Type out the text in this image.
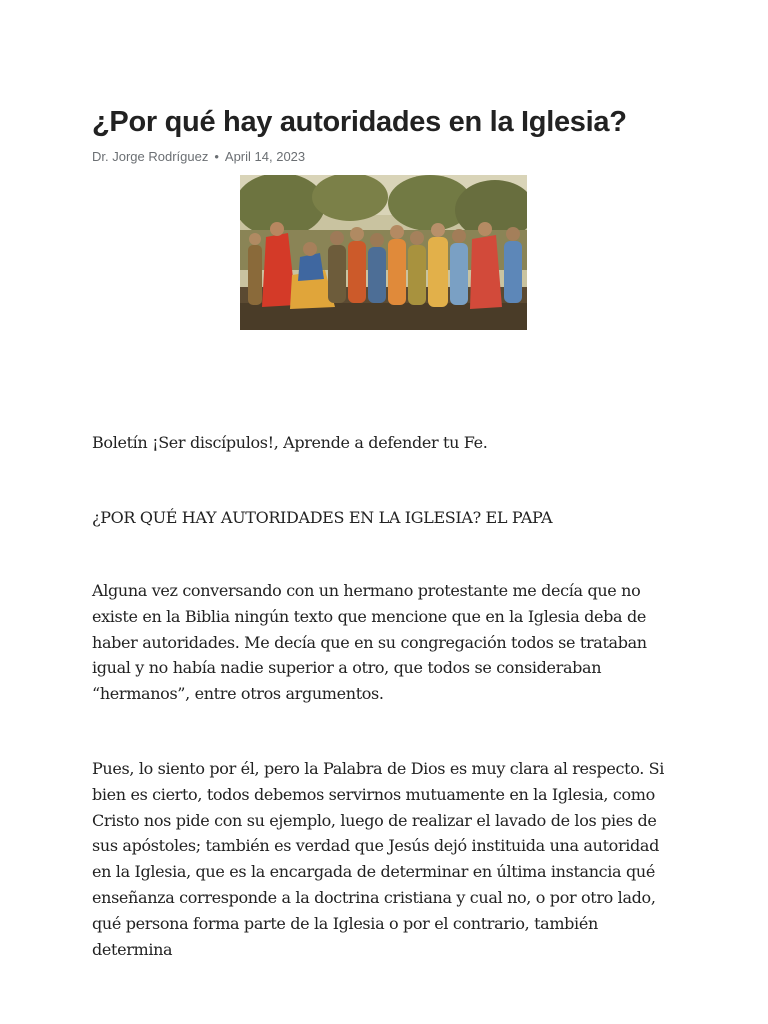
¿Por qué hay autoridades en la Iglesia?
Dr. Jorge Rodríguez • April 14, 2023

Boletín ¡Ser discípulos!, Aprende a defender tu Fe.

¿POR QUÉ HAY AUTORIDADES EN LA IGLESIA? EL PAPA

Alguna vez conversando con un hermano protestante me decía que no existe en la Biblia ningún texto que mencione que en la Iglesia deba de haber autoridades. Me decía que en su congregación todos se trataban igual y no había nadie superior a otro, que todos se consideraban “hermanos”, entre otros argumentos.

Pues, lo siento por él, pero la Palabra de Dios es muy clara al respecto. Si bien es cierto, todos debemos servirnos mutuamente en la Iglesia, como Cristo nos pide con su ejemplo, luego de realizar el lavado de los pies de sus apóstoles; también es verdad que Jesús dejó instituida una autoridad en la Iglesia, que es la encargada de determinar en última instancia qué enseñanza corresponde a la doctrina cristiana y cual no, o por otro lado, qué persona forma parte de la Iglesia o por el contrario, también determina
